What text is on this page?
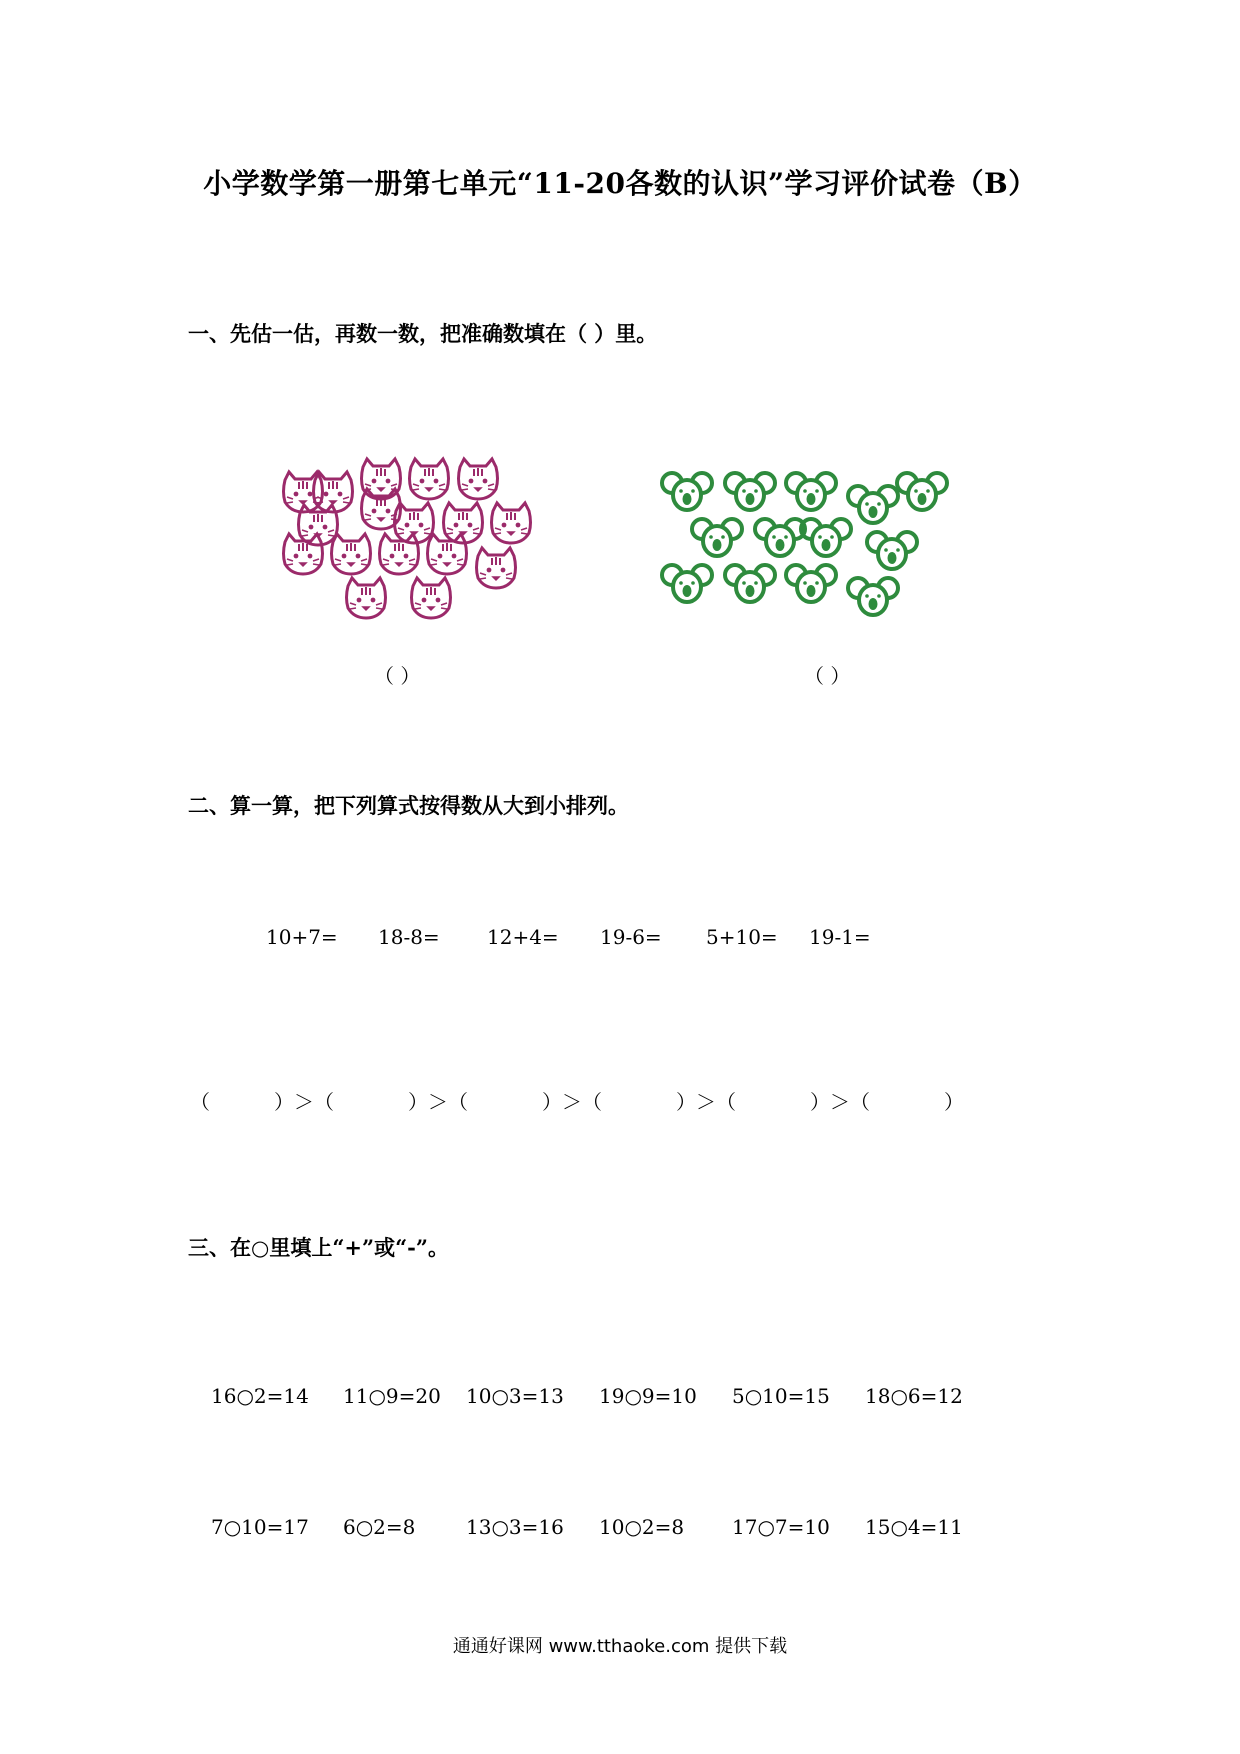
小学数学第一册第七单元“11-20各数的认识”学习评价试卷（B）
一、先估一估，再数一数，把准确数填在（ ）里。
（ ）	（ ）
二、算一算，把下列算式按得数从大到小排列。
10+7= 18-8= 12+4= 19-6= 5+10= 19-1=
（	）＞（	）＞（	）＞（	）＞（	）＞（	）
三、在○里填上“+”或“-”。
16○2=14 11○9=20 10○3=13 19○9=10 5○10=15 18○6=12
7○10=17 6○2=8	13○3=16 10○2=8 17○7=10 15○4=11
通通好课网 www.tthaoke.com 提供下载
